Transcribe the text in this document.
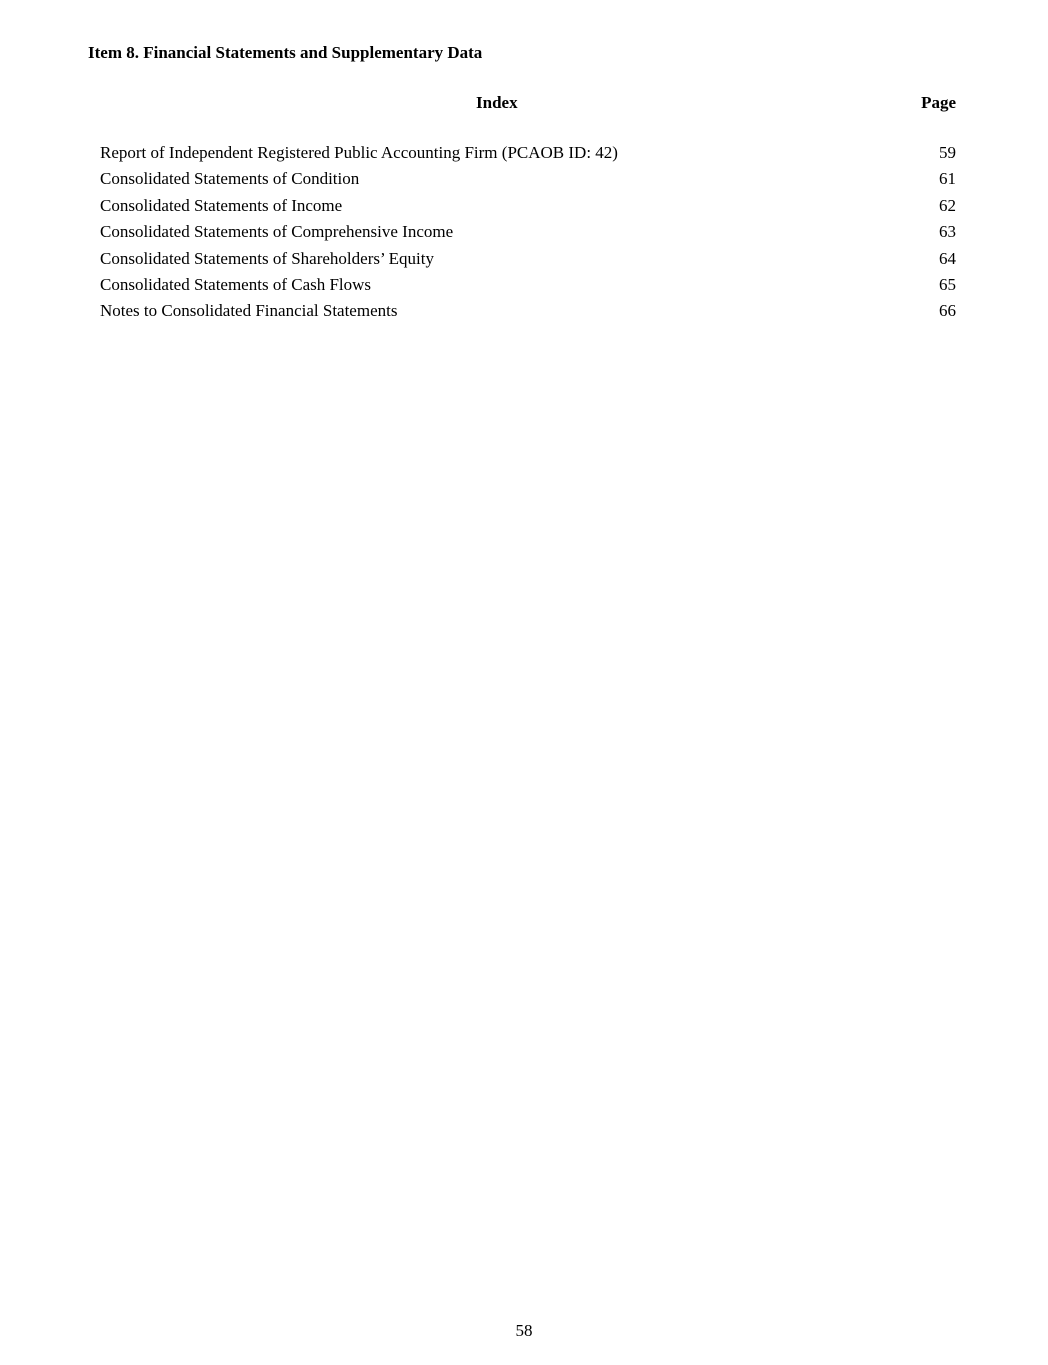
Item 8. Financial Statements and Supplementary Data
Index	Page
Report of Independent Registered Public Accounting Firm (PCAOB ID: 42)	59
Consolidated Statements of Condition	61
Consolidated Statements of Income	62
Consolidated Statements of Comprehensive Income	63
Consolidated Statements of Shareholders’ Equity	64
Consolidated Statements of Cash Flows	65
Notes to Consolidated Financial Statements	66
58
